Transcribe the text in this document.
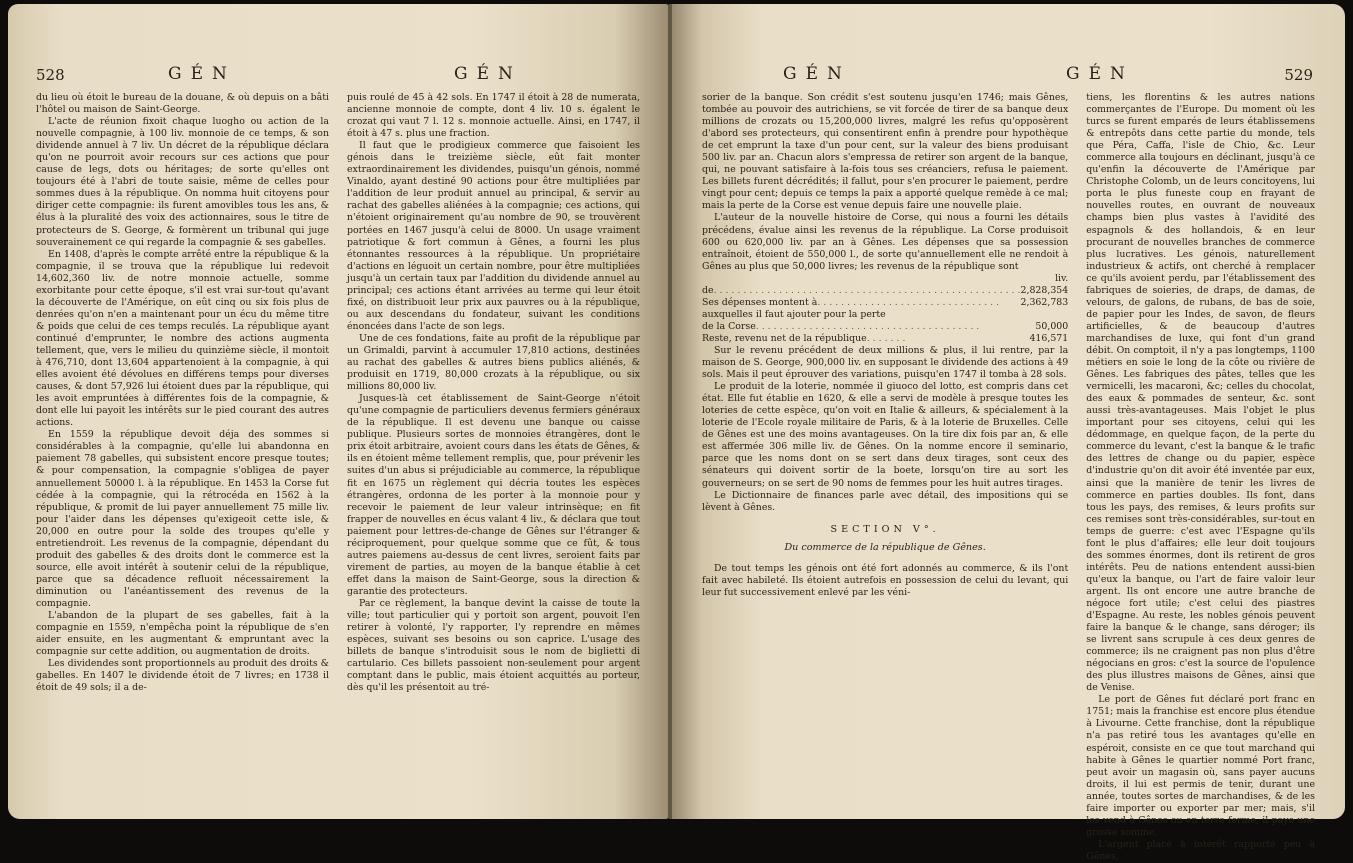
528	GÉN	GÉN

du lieu où étoit le bureau de la douane, & où depuis on a bâti l'hôtel ou maison de Saint-George.

L'acte de réunion fixoit chaque luogho ou action de la nouvelle compagnie, à 100 liv. monnoie de ce temps, & son dividende annuel à 7 liv. Un décret de la république déclara qu'on ne pourroit avoir recours sur ces actions que pour cause de legs, dots ou héritages; de sorte qu'elles ont toujours été à l'abri de toute saisie, même de celles pour sommes dues à la république. On nomma huit citoyens pour diriger cette compagnie: ils furent amovibles tous les ans, & élus à la pluralité des voix des actionnaires, sous le titre de protecteurs de S. George, & formèrent un tribunal qui juge souverainement ce qui regarde la compagnie & ses gabelles.

En 1408, d'après le compte arrêté entre la république & la compagnie, il se trouva que la république lui redevoit 14,602,360 liv. de notre monnoie actuelle, somme exorbitante pour cette époque, s'il est vrai sur-tout qu'avant la découverte de l'Amérique, on eût cinq ou six fois plus de denrées qu'on n'en a maintenant pour un écu du même titre & poids que celui de ces temps reculés. La république ayant continué d'emprunter, le nombre des actions augmenta tellement, que, vers le milieu du quinzième siècle, il montoit à 476,710, dont 13,604 appartenoient à la compagnie, à qui elles avoient été dévolues en différens temps pour diverses causes, & dont 57,926 lui étoient dues par la république, qui les avoit empruntées à différentes fois de la compagnie, & dont elle lui payoit les intérêts sur le pied courant des autres actions.

En 1559 la république devoit déja des sommes si considérables à la compagnie, qu'elle lui abandonna en paiement 78 gabelles, qui subsistent encore presque toutes; & pour compensation, la compagnie s'obligea de payer annuellement 50000 l. à la république. En 1453 la Corse fut cédée à la compagnie, qui la rétrocéda en 1562 à la république, & promit de lui payer annuellement 75 mille liv. pour l'aider dans les dépenses qu'exigeoit cette isle, & 20,000 en outre pour la solde des troupes qu'elle y entretiendroit. Les revenus de la compagnie, dépendant du produit des gabelles & des droits dont le commerce est la source, elle avoit intérêt à soutenir celui de la république, parce que sa décadence refluoit nécessairement la diminution ou l'anéantissement des revenus de la compagnie.

L'abandon de la plupart de ses gabelles, fait à la compagnie en 1559, n'empêcha point la république de s'en aider ensuite, en les augmentant & empruntant avec la compagnie sur cette addition, ou augmentation de droits.

Les dividendes sont proportionnels au produit des droits & gabelles. En 1407 le dividende étoit de 7 livres; en 1738 il étoit de 49 sols; il a de-

puis roulé de 45 à 42 sols. En 1747 il étoit à 28 de numerata, ancienne monnoie de compte, dont 4 liv. 10 s. égalent le crozat qui vaut 7 l. 12 s. monnoie actuelle. Ainsi, en 1747, il étoit à 47 s. plus une fraction.

Il faut que le prodigieux commerce que faisoient les génois dans le treizième siècle, eût fait monter extraordinairement les dividendes, puisqu'un génois, nommé Vinaldo, ayant destiné 90 actions pour être multipliées par l'addition de leur produit annuel au principal, & servir au rachat des gabelles aliénées à la compagnie; ces actions, qui n'étoient originairement qu'au nombre de 90, se trouvèrent portées en 1467 jusqu'à celui de 8000. Un usage vraiment patriotique & fort commun à Gênes, a fourni les plus étonnantes ressources à la république. Un propriétaire d'actions en léguoit un certain nombre, pour être multipliées jusqu'à un certain taux par l'addition du dividende annuel au principal; ces actions étant arrivées au terme qui leur étoit fixé, on distribuoit leur prix aux pauvres ou à la république, ou aux descendans du fondateur, suivant les conditions énoncées dans l'acte de son legs.

Une de ces fondations, faite au profit de la république par un Grimaldi, parvint à accumuler 17,810 actions, destinées au rachat des gabelles & autres biens publics aliénés, & produisit en 1719, 80,000 crozats à la république, ou six millions 80,000 liv.

Jusques-là cet établissement de Saint-George n'étoit qu'une compagnie de particuliers devenus fermiers généraux de la république. Il est devenu une banque ou caisse publique. Plusieurs sortes de monnoies étrangères, dont le prix étoit arbitraire, avoient cours dans les états de Gênes, & ils en étoient même tellement remplis, que, pour prévenir les suites d'un abus si préjudiciable au commerce, la république fit en 1675 un règlement qui décria toutes les espèces étrangères, ordonna de les porter à la monnoie pour y recevoir le paiement de leur valeur intrinsèque; en fit frapper de nouvelles en écus valant 4 liv., & déclara que tout paiement pour lettres-de-change de Gênes sur l'étranger & réciproquement, pour quelque somme que ce fût, & tous autres paiemens au-dessus de cent livres, seroient faits par virement de parties, au moyen de la banque établie à cet effet dans la maison de Saint-George, sous la direction & garantie des protecteurs.

Par ce règlement, la banque devint la caisse de toute la ville; tout particulier qui y portoit son argent, pouvoit l'en retirer à volonté, l'y rapporter, l'y reprendre en mêmes espèces, suivant ses besoins ou son caprice. L'usage des billets de banque s'introduisit sous le nom de biglietti di cartulario. Ces billets passoient non-seulement pour argent comptant dans le public, mais étoient acquittés au porteur, dès qu'il les présentoit au tré-

GÉN	GÉN	529

sorier de la banque. Son crédit s'est soutenu jusqu'en 1746; mais Gênes, tombée au pouvoir des autrichiens, se vit forcée de tirer de sa banque deux millions de crozats ou 15,200,000 livres, malgré les refus qu'opposèrent d'abord ses protecteurs, qui consentirent enfin à prendre pour hypothèque de cet emprunt la taxe d'un pour cent, sur la valeur des biens produisant 500 liv. par an. Chacun alors s'empressa de retirer son argent de la banque, qui, ne pouvant satisfaire à la-fois tous ses créanciers, refusa le paiement. Les billets furent décrédités; il fallut, pour s'en procurer le paiement, perdre vingt pour cent; depuis ce temps la paix a apporté quelque remède à ce mal; mais la perte de la Corse est venue depuis faire une nouvelle plaie.

L'auteur de la nouvelle histoire de Corse, qui nous a fourni les détails précédens, évalue ainsi les revenus de la république. La Corse produisoit 600 ou 620,000 liv. par an à Gênes. Les dépenses que sa possession entraînoit, étoient de 550,000 l., de sorte qu'annuellement elle ne rendoit à Gênes au plus que 50,000 livres; les revenus de la république sont

liv.
de . . . . . . . . . . . . . . . . . . . . . . . . . . . . . . . . . . . . . . . . . . . . . . . . . . . . 2,828,354
Ses dépenses montent à . . . . . . . . . . . . . . . . . . . . . . . . . . . . . . .	2,362,783
auxquelles il faut ajouter pour la perte
de la Corse . . . . . . . . . . . . . . . . . . . . . . . . . . . . . . . . . . . . . .	50,000
Reste, revenu net de la république . . . . . . .	416,571

Sur le revenu précédent de deux millions & plus, il lui rentre, par la maison de S. George, 900,000 liv. en supposant le dividende des actions à 49 sols. Mais il peut éprouver des variations, puisqu'en 1747 il tomba à 28 sols.

Le produit de la loterie, nommée il giuoco del lotto, est compris dans cet état. Elle fut établie en 1620, & elle a servi de modèle à presque toutes les loteries de cette espèce, qu'on voit en Italie & ailleurs, & spécialement à la loterie de l'Ecole royale militaire de Paris, & à la loterie de Bruxelles. Celle de Gênes est une des moins avantageuses. On la tire dix fois par an, & elle est affermée 306 mille liv. de Gênes. On la nomme encore il seminario, parce que les noms dont on se sert dans deux tirages, sont ceux des sénateurs qui doivent sortir de la boete, lorsqu'on tire au sort les gouverneurs; on se sert de 90 noms de femmes pour les huit autres tirages.

Le Dictionnaire de finances parle avec détail, des impositions qui se lèvent à Gênes.

SECTION V°.
Du commerce de la république de Gênes.

De tout temps les génois ont été fort adonnés au commerce, & ils l'ont fait avec habileté. Ils étoient autrefois en possession de celui du levant, qui leur fut successivement enlevé par les véni-

tiens, les florentins & les autres nations commerçantes de l'Europe. Du moment où les turcs se furent emparés de leurs établissemens & entrepôts dans cette partie du monde, tels que Péra, Caffa, l'isle de Chio, &c. Leur commerce alla toujours en déclinant, jusqu'à ce qu'enfin la découverte de l'Amérique par Christophe Colomb, un de leurs concitoyens, lui porta le plus funeste coup en frayant de nouvelles routes, en ouvrant de nouveaux champs bien plus vastes à l'avidité des espagnols & des hollandois, & en leur procurant de nouvelles branches de commerce plus lucratives. Les génois, naturellement industrieux & actifs, ont cherché à remplacer ce qu'ils avoient perdu, par l'établissement des fabriques de soieries, de draps, de damas, de velours, de galons, de rubans, de bas de soie, de papier pour les Indes, de savon, de fleurs artificielles, & de beaucoup d'autres marchandises de luxe, qui font d'un grand débit. On comptoit, il n'y a pas longtemps, 1100 métiers en soie le long de la côte ou rivière de Gênes. Les fabriques des pâtes, telles que les vermicelli, les macaroni, &c; celles du chocolat, des eaux & pommades de senteur, &c. sont aussi très-avantageuses. Mais l'objet le plus important pour ses citoyens, celui qui les dédommage, en quelque façon, de la perte du commerce du levant, c'est la banque & le trafic des lettres de change ou du papier, espèce d'industrie qu'on dit avoir été inventée par eux, ainsi que la manière de tenir les livres de commerce en parties doubles. Ils font, dans tous les pays, des remises, & leurs profits sur ces remises sont très-considérables, sur-tout en temps de guerre: c'est avec l'Espagne qu'ils font le plus d'affaires; elle leur doit toujours des sommes énormes, dont ils retirent de gros intérêts. Peu de nations entendent aussi-bien qu'eux la banque, ou l'art de faire valoir leur argent. Ils ont encore une autre branche de négoce fort utile; c'est celui des piastres d'Espagne. Au reste, les nobles génois peuvent faire la banque & le change, sans déroger; ils se livrent sans scrupule à ces deux genres de commerce; ils ne craignent pas non plus d'être négocians en gros: c'est la source de l'opulence des plus illustres maisons de Gênes, ainsi que de Venise.

Le port de Gênes fut déclaré port franc en 1751; mais la franchise est encore plus étendue à Livourne. Cette franchise, dont la république n'a pas retiré tous les avantages qu'elle en espéroit, consiste en ce que tout marchand qui habite à Gênes le quartier nommé Port franc, peut avoir un magasin où, sans payer aucuns droits, il lui est permis de tenir, durant une année, toutes sortes de marchandises, & de les faire importer ou exporter par mer; mais, s'il les vend à Gênes ou en terre ferme, il paye une grosse somme.

L'argent placé à intérêt rapporté peu à Gênes,
